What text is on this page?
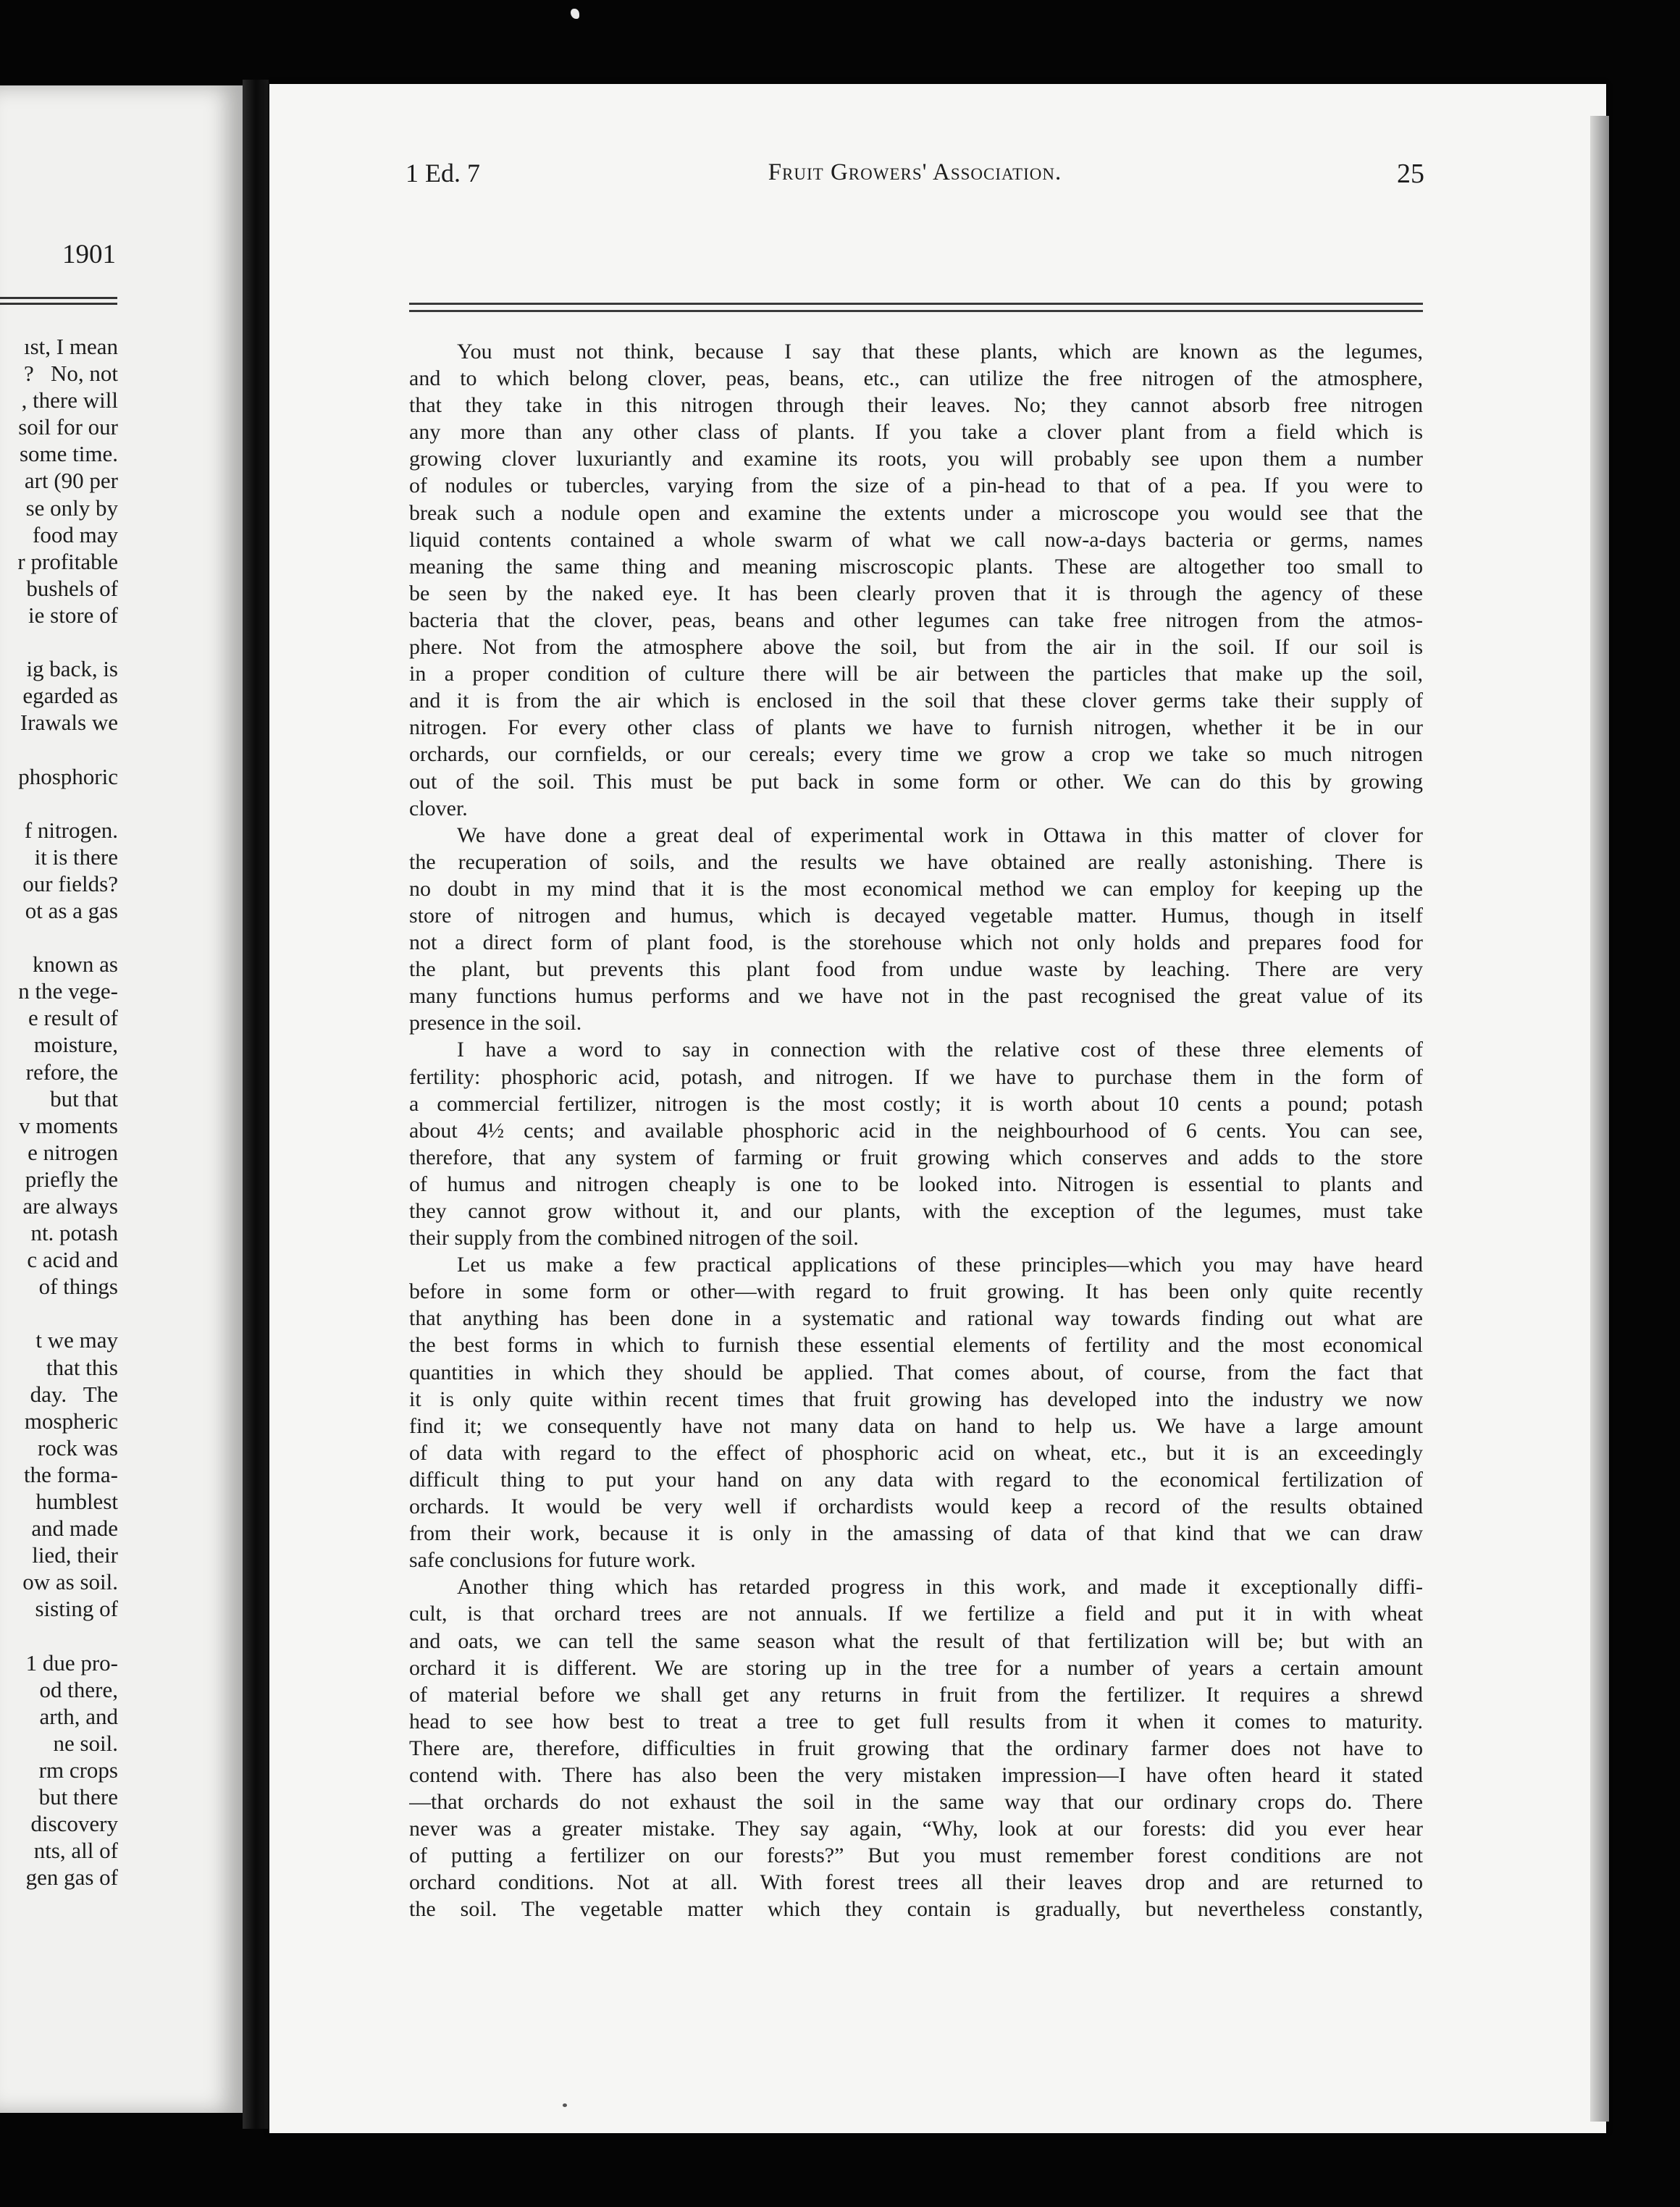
1901
ıst, I mean
?   No, not
, there will
soil for our
some time.
art (90 per
se only by
food may
r profitable
bushels of
ie store of

ig back, is
egarded as
Irawals we

phosphoric

f nitrogen.
it is there
our fields?
ot as a gas

known as
n the vege-
e result of
moisture,
refore, the
but that
v moments
e nitrogen
priefly the
are always
nt. potash
c acid and
of things

t we may
that this
day.   The
mospheric
rock was
the forma-
humblest
and made
lied, their
ow as soil.
sisting of

1 due pro-
od there,
arth, and
ne soil.
rm crops
but there
discovery
nts, all of
gen gas of
1 Ed. 7	Fruit Growers' Association.	25
You must not think, because I say that these plants, which are known as the legumes,
and to which belong clover, peas, beans, etc., can utilize the free nitrogen of the atmosphere,
that they take in this nitrogen through their leaves. No; they cannot absorb free nitrogen
any more than any other class of plants. If you take a clover plant from a field which is
growing clover luxuriantly and examine its roots, you will probably see upon them a number
of nodules or tubercles, varying from the size of a pin-head to that of a pea. If you were to
break such a nodule open and examine the extents under a microscope you would see that the
liquid contents contained a whole swarm of what we call now-a-days bacteria or germs, names
meaning the same thing and meaning miscroscopic plants. These are altogether too small to
be seen by the naked eye. It has been clearly proven that it is through the agency of these
bacteria that the clover, peas, beans and other legumes can take free nitrogen from the atmos-
phere. Not from the atmosphere above the soil, but from the air in the soil. If our soil is
in a proper condition of culture there will be air between the particles that make up the soil,
and it is from the air which is enclosed in the soil that these clover germs take their supply of
nitrogen. For every other class of plants we have to furnish nitrogen, whether it be in our
orchards, our cornfields, or our cereals; every time we grow a crop we take so much nitrogen
out of the soil. This must be put back in some form or other. We can do this by growing
clover.
We have done a great deal of experimental work in Ottawa in this matter of clover for
the recuperation of soils, and the results we have obtained are really astonishing. There is
no doubt in my mind that it is the most economical method we can employ for keeping up the
store of nitrogen and humus, which is decayed vegetable matter. Humus, though in itself
not a direct form of plant food, is the storehouse which not only holds and prepares food for
the plant, but prevents this plant food from undue waste by leaching. There are very
many functions humus performs and we have not in the past recognised the great value of its
presence in the soil.
I have a word to say in connection with the relative cost of these three elements of
fertility: phosphoric acid, potash, and nitrogen. If we have to purchase them in the form of
a commercial fertilizer, nitrogen is the most costly; it is worth about 10 cents a pound; potash
about 4½ cents; and available phosphoric acid in the neighbourhood of 6 cents. You can see,
therefore, that any system of farming or fruit growing which conserves and adds to the store
of humus and nitrogen cheaply is one to be looked into. Nitrogen is essential to plants and
they cannot grow without it, and our plants, with the exception of the legumes, must take
their supply from the combined nitrogen of the soil.
Let us make a few practical applications of these principles—which you may have heard
before in some form or other—with regard to fruit growing. It has been only quite recently
that anything has been done in a systematic and rational way towards finding out what are
the best forms in which to furnish these essential elements of fertility and the most economical
quantities in which they should be applied. That comes about, of course, from the fact that
it is only quite within recent times that fruit growing has developed into the industry we now
find it; we consequently have not many data on hand to help us. We have a large amount
of data with regard to the effect of phosphoric acid on wheat, etc., but it is an exceedingly
difficult thing to put your hand on any data with regard to the economical fertilization of
orchards. It would be very well if orchardists would keep a record of the results obtained
from their work, because it is only in the amassing of data of that kind that we can draw
safe conclusions for future work.
Another thing which has retarded progress in this work, and made it exceptionally diffi-
cult, is that orchard trees are not annuals. If we fertilize a field and put it in with wheat
and oats, we can tell the same season what the result of that fertilization will be; but with an
orchard it is different. We are storing up in the tree for a number of years a certain amount
of material before we shall get any returns in fruit from the fertilizer. It requires a shrewd
head to see how best to treat a tree to get full results from it when it comes to maturity.
There are, therefore, difficulties in fruit growing that the ordinary farmer does not have to
contend with. There has also been the very mistaken impression—I have often heard it stated
—that orchards do not exhaust the soil in the same way that our ordinary crops do. There
never was a greater mistake. They say again, “Why, look at our forests: did you ever hear
of putting a fertilizer on our forests?” But you must remember forest conditions are not
orchard conditions. Not at all. With forest trees all their leaves drop and are returned to
the soil. The vegetable matter which they contain is gradually, but nevertheless constantly,
